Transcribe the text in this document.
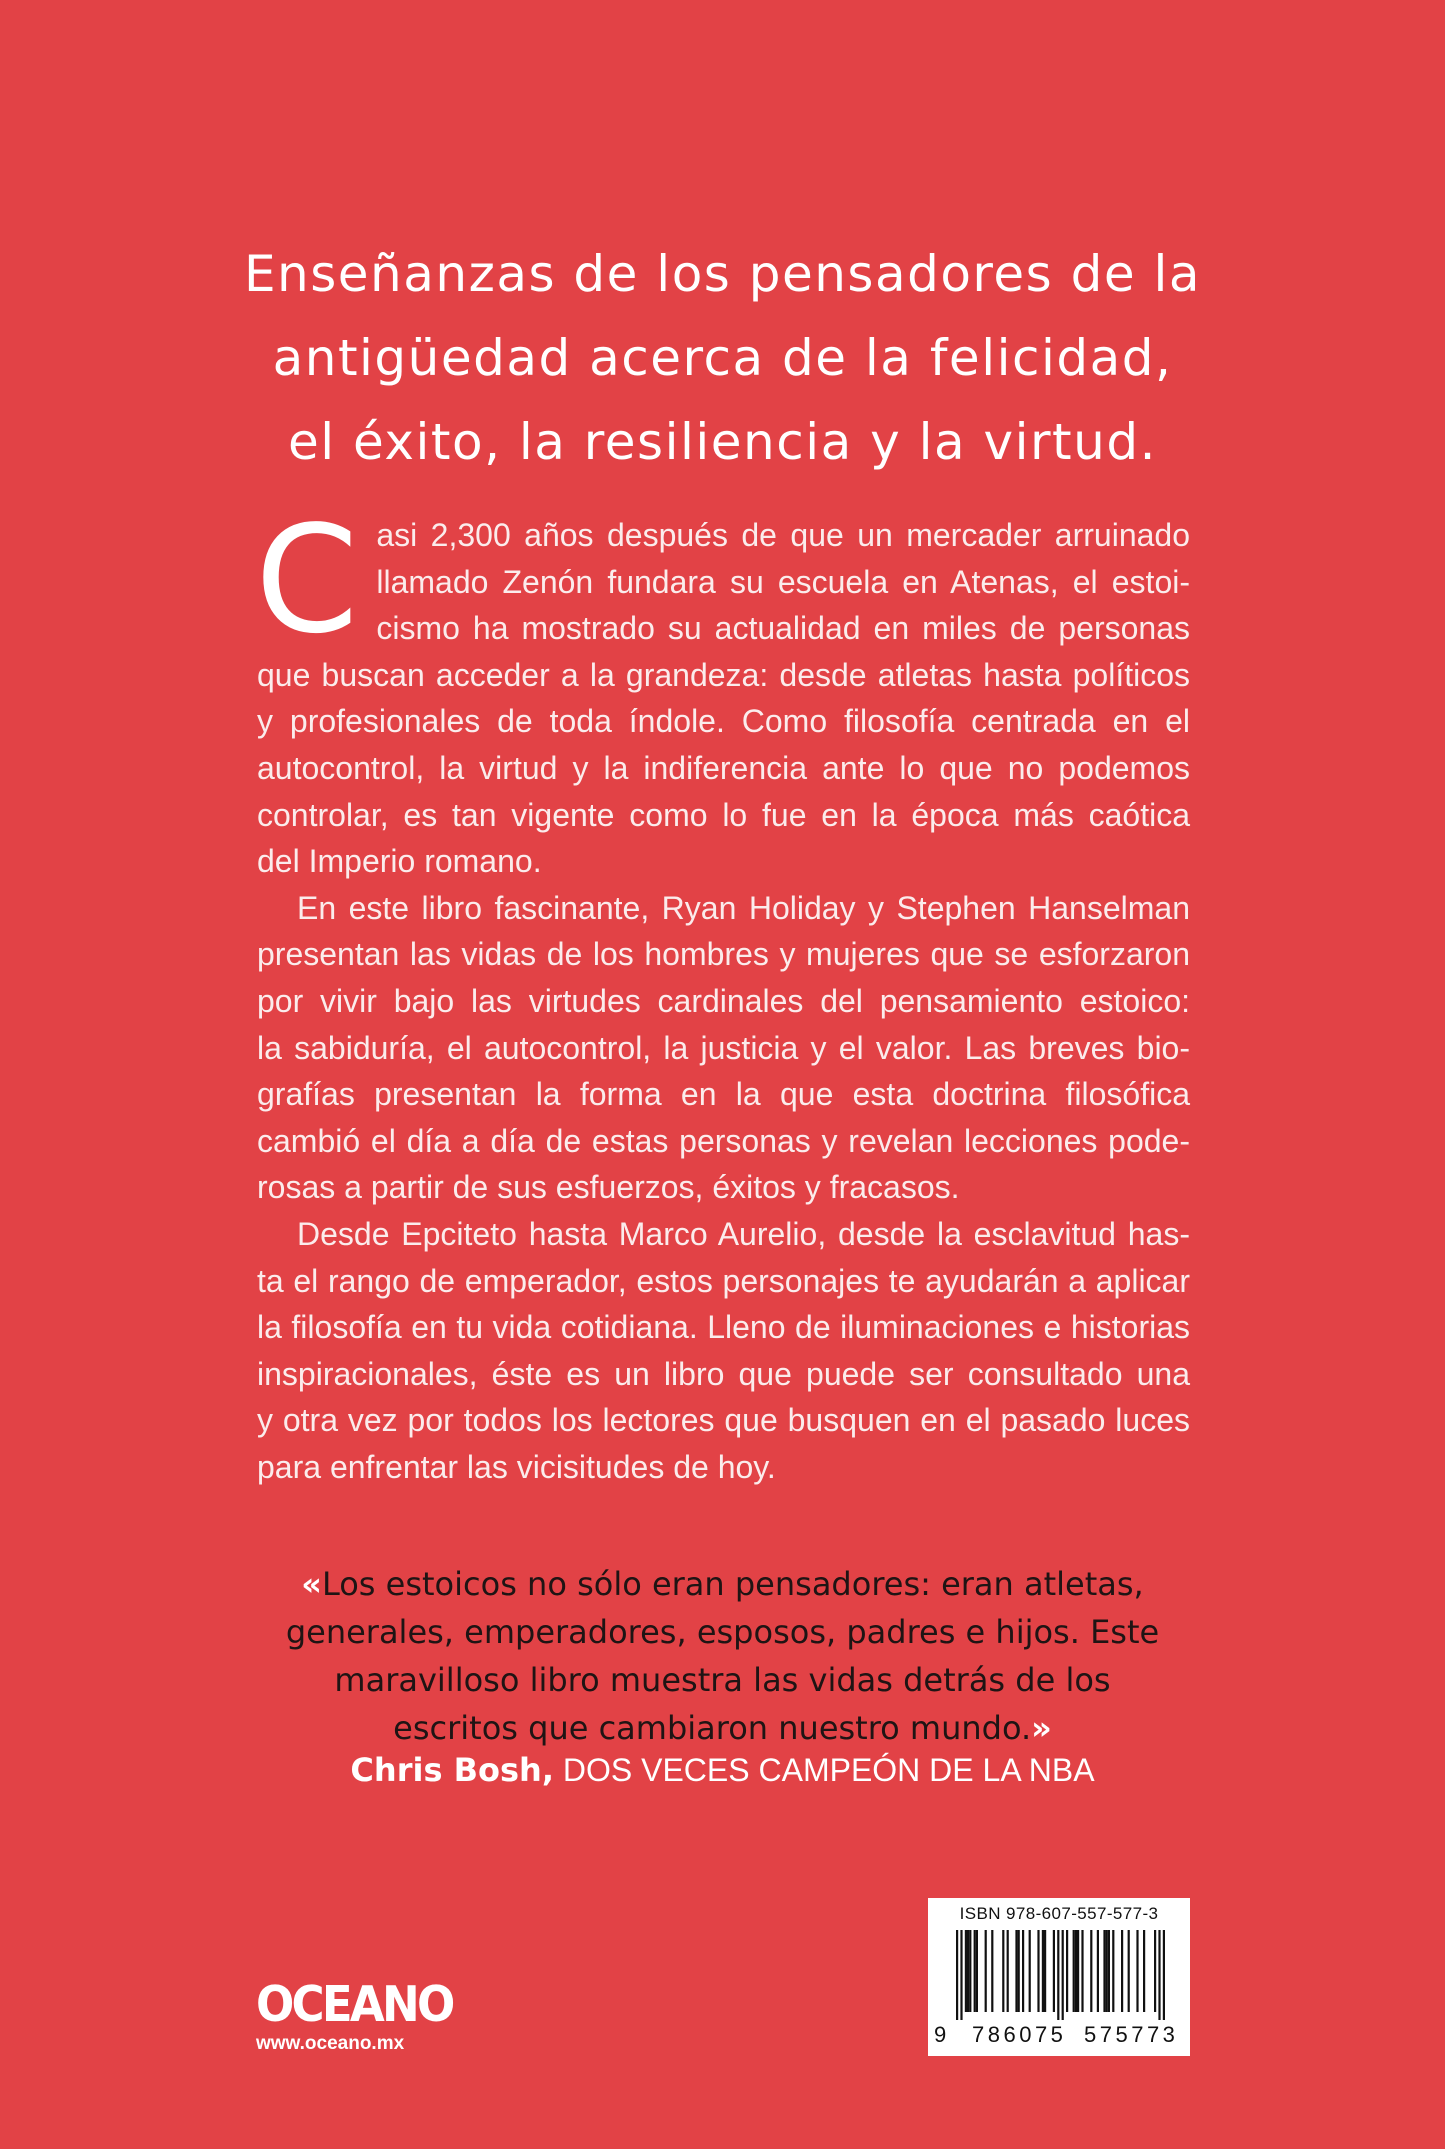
Enseñanzas de los pensadores de la
antigüedad acerca de la felicidad,
el éxito, la resiliencia y la virtud.
C asi 2,300 años después de que un mercader arruinado
llamado Zenón fundara su escuela en Atenas, el estoi-
cismo ha mostrado su actualidad en miles de personas
que buscan acceder a la grandeza: desde atletas hasta políticos
y profesionales de toda índole. Como filosofía centrada en el
autocontrol, la virtud y la indiferencia ante lo que no podemos
controlar, es tan vigente como lo fue en la época más caótica
del Imperio romano.
En este libro fascinante, Ryan Holiday y Stephen Hanselman
presentan las vidas de los hombres y mujeres que se esforzaron
por vivir bajo las virtudes cardinales del pensamiento estoico:
la sabiduría, el autocontrol, la justicia y el valor. Las breves bio-
grafías presentan la forma en la que esta doctrina filosófica
cambió el día a día de estas personas y revelan lecciones pode-
rosas a partir de sus esfuerzos, éxitos y fracasos.
Desde Epciteto hasta Marco Aurelio, desde la esclavitud has-
ta el rango de emperador, estos personajes te ayudarán a aplicar
la filosofía en tu vida cotidiana. Lleno de iluminaciones e historias
inspiracionales, éste es un libro que puede ser consultado una
y otra vez por todos los lectores que busquen en el pasado luces
para enfrentar las vicisitudes de hoy.
«Los estoicos no sólo eran pensadores: eran atletas,
generales, emperadores, esposos, padres e hijos. Este
maravilloso libro muestra las vidas detrás de los
escritos que cambiaron nuestro mundo.»
Chris Bosh, DOS VECES CAMPEÓN DE LA NBA
OCEANO
www.oceano.mx
ISBN 978-607-557-577-3
9 786075 575773
